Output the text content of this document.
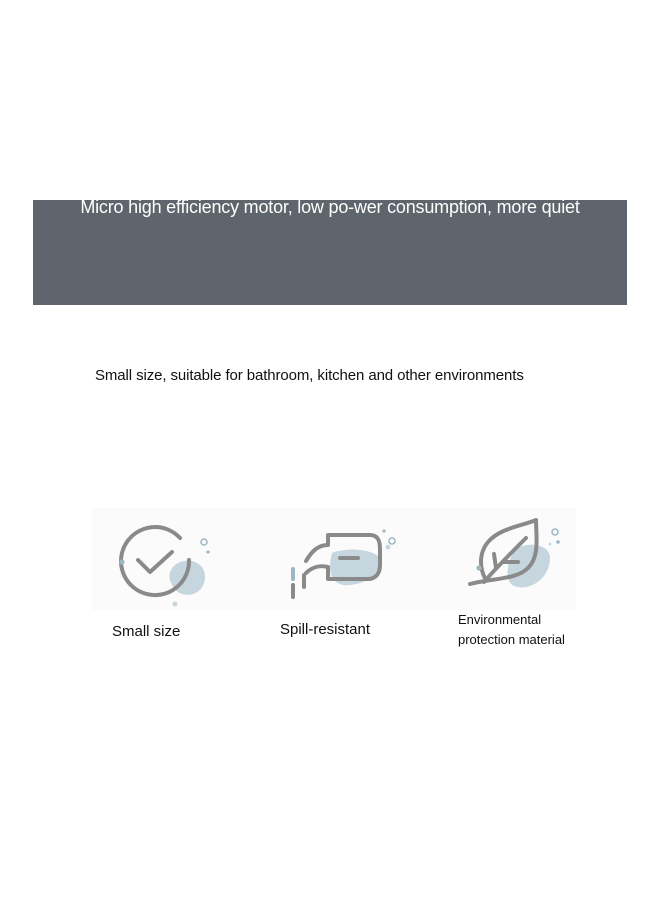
Micro high efficiency motor, low po-wer consumption, more quiet
Small size, suitable for bathroom, kitchen and other environments
Small size	Spill-resistant
Environmental
protection material
